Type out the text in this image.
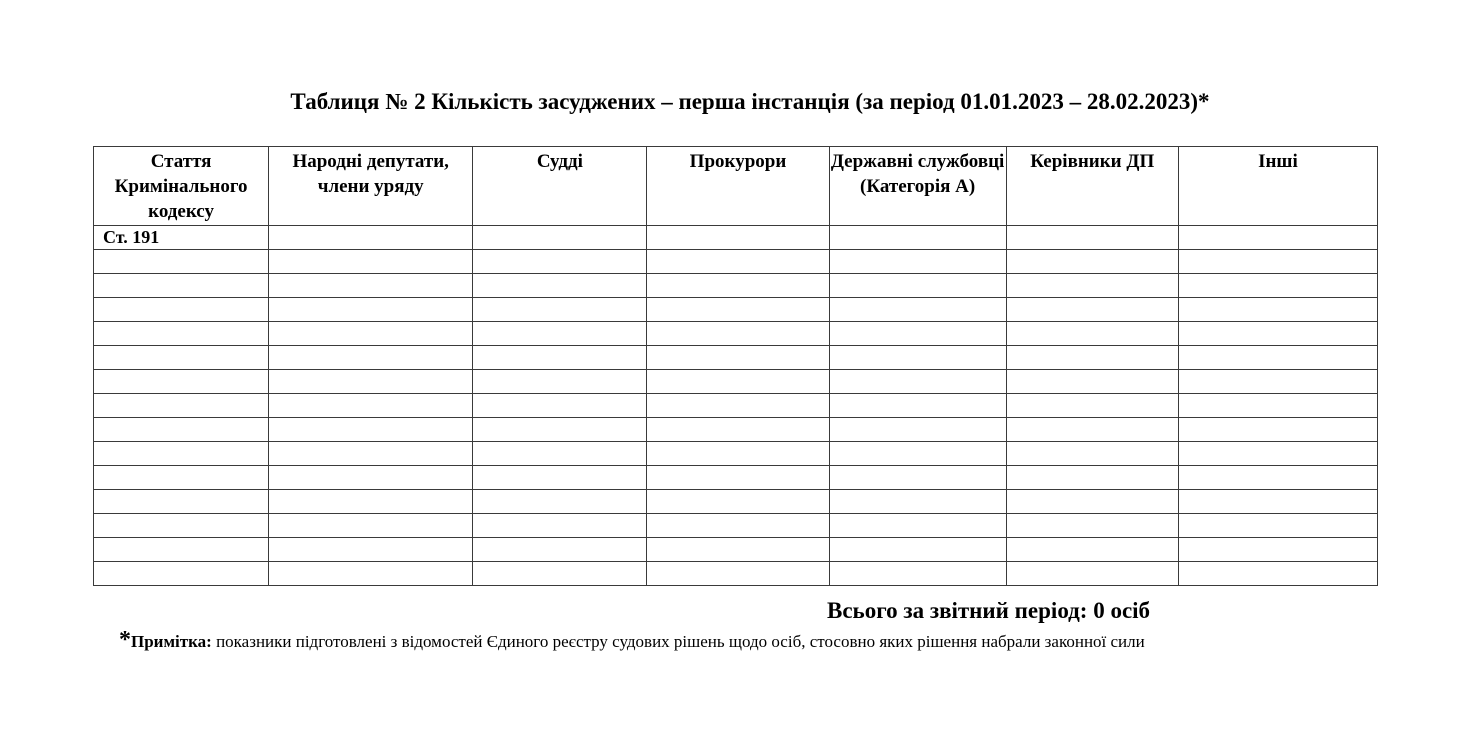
Таблиця № 2 Кількість засуджених – перша інстанція (за період 01.01.2023 – 28.02.2023)*
Стаття Кримінального кодексу	Народні депутати, члени уряду	Судді	Прокурори	Державні службовці (Категорія А)	Керівники ДП	Інші
Ст. 191						

Всього за звітний період: 0 осіб
*Примітка: показники підготовлені з відомостей Єдиного реєстру судових рішень щодо осіб, стосовно яких рішення набрали законної сили
